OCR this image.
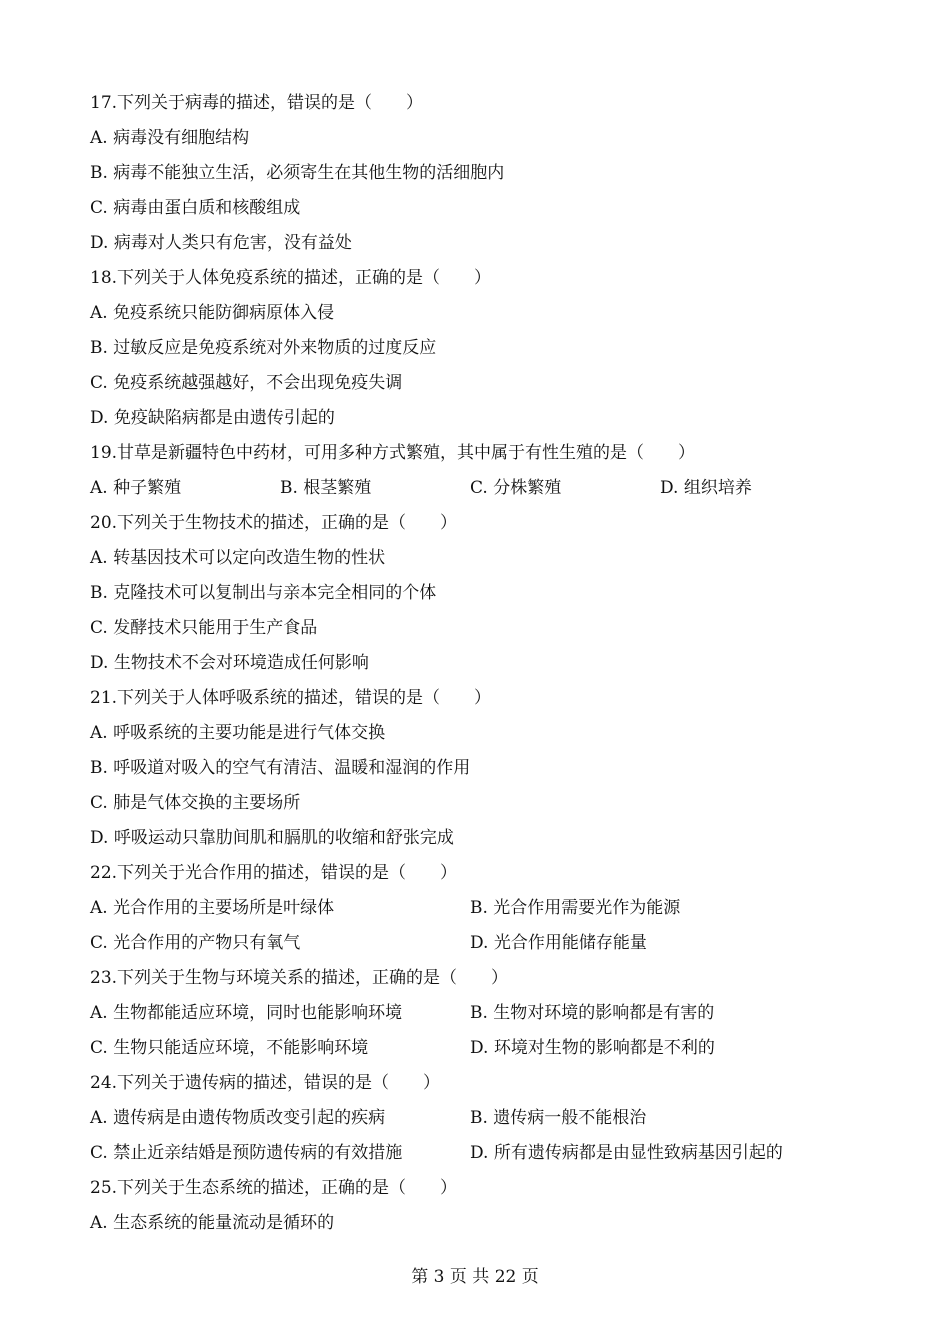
17.下列关于病毒的描述，错误的是（　　）
A. 病毒没有细胞结构
B. 病毒不能独立生活，必须寄生在其他生物的活细胞内
C. 病毒由蛋白质和核酸组成
D. 病毒对人类只有危害，没有益处
18.下列关于人体免疫系统的描述，正确的是（　　）
A. 免疫系统只能防御病原体入侵
B. 过敏反应是免疫系统对外来物质的过度反应
C. 免疫系统越强越好，不会出现免疫失调
D. 免疫缺陷病都是由遗传引起的
19.甘草是新疆特色中药材，可用多种方式繁殖，其中属于有性生殖的是（　　）
A. 种子繁殖	B. 根茎繁殖	C. 分株繁殖	D. 组织培养
20.下列关于生物技术的描述，正确的是（　　）
A. 转基因技术可以定向改造生物的性状
B. 克隆技术可以复制出与亲本完全相同的个体
C. 发酵技术只能用于生产食品
D. 生物技术不会对环境造成任何影响
21.下列关于人体呼吸系统的描述，错误的是（　　）
A. 呼吸系统的主要功能是进行气体交换
B. 呼吸道对吸入的空气有清洁、温暖和湿润的作用
C. 肺是气体交换的主要场所
D. 呼吸运动只靠肋间肌和膈肌的收缩和舒张完成
22.下列关于光合作用的描述，错误的是（　　）
A. 光合作用的主要场所是叶绿体	B. 光合作用需要光作为能源
C. 光合作用的产物只有氧气	D. 光合作用能储存能量
23.下列关于生物与环境关系的描述，正确的是（　　）
A. 生物都能适应环境，同时也能影响环境	B. 生物对环境的影响都是有害的
C. 生物只能适应环境，不能影响环境	D. 环境对生物的影响都是不利的
24.下列关于遗传病的描述，错误的是（　　）
A. 遗传病是由遗传物质改变引起的疾病	B. 遗传病一般不能根治
C. 禁止近亲结婚是预防遗传病的有效措施	D. 所有遗传病都是由显性致病基因引起的
25.下列关于生态系统的描述，正确的是（　　）
A. 生态系统的能量流动是循环的
第 3 页 共 22 页
